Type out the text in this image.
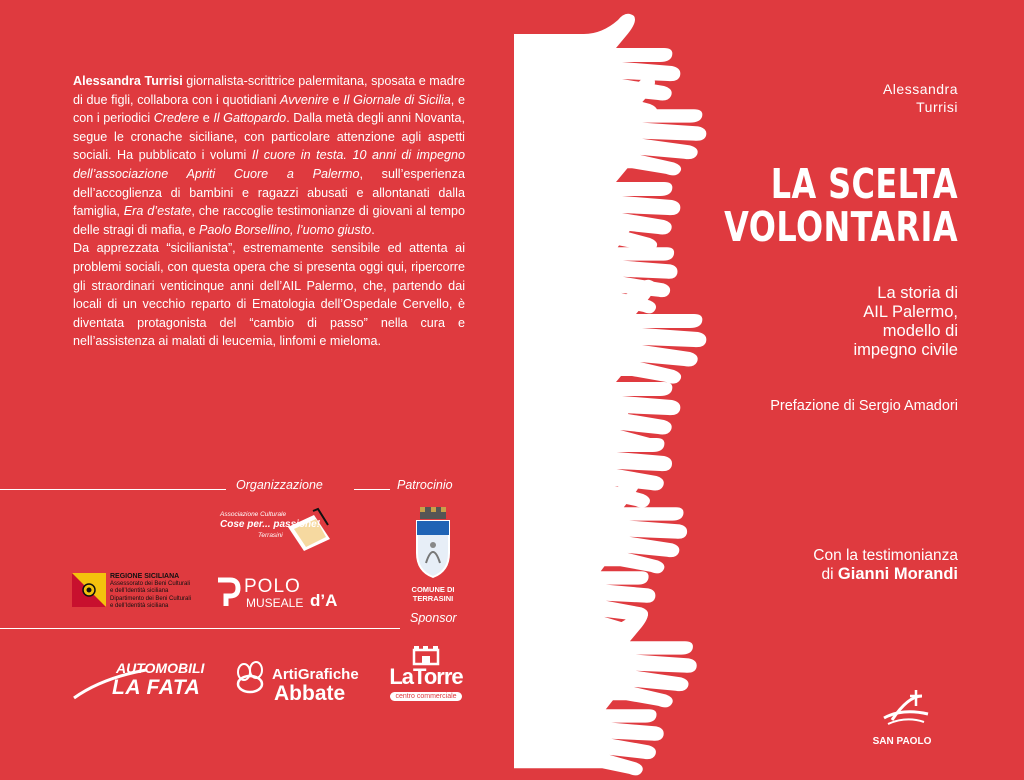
Alessandra Turrisi giornalista-scrittrice palermitana, sposata e madre di due figli, collabora con i quotidiani Avvenire e Il Giornale di Sicilia, e con i periodici Credere e Il Gattopardo. Dalla metà degli anni Novanta, segue le cronache siciliane, con particolare attenzione agli aspetti sociali. Ha pubblicato i volumi Il cuore in testa. 10 anni di impegno dell’associazione Apriti Cuore a Palermo, sull’esperienza dell’accoglienza di bambini e ragazzi abusati e allontanati dalla famiglia, Era d’estate, che raccoglie testimonianze di giovani al tempo delle stragi di mafia, e Paolo Borsellino, l’uomo giusto.

Da apprezzata “sicilianista”, estremamente sensibile ed attenta ai problemi sociali, con questa opera che si presenta oggi qui, ripercorre gli straordinari venticinque anni dell’AIL Palermo, che, partendo dai locali di un vecchio reparto di Ematologia dell’Ospedale Cervello, è diventata protagonista del “cambio di passo” nella cura e nell’assistenza ai malati di leucemia, linfomi e mieloma.

Organizzazione	Patrocinio
Sponsor
Associazione Culturale
Cose per... passione!
Terrasini
COMUNE DI
TERRASINI
REGIONE SICILIANA
Assessorato dei Beni Culturali
e dell’Identità siciliana
Dipartimento dei Beni Culturali
e dell’Identità siciliana
POLO
MUSEALE d’A
AUTOMOBILI
LA FATA
ArtiGrafiche
Abbate
LaTorre
centro commerciale
Alessandra
Turrisi
LA SCELTA
VOLONTARIA
La storia di
AIL Palermo,
modello di
impegno civile
Prefazione di Sergio Amadori
Con la testimonianza
di Gianni Morandi
SAN PAOLO
